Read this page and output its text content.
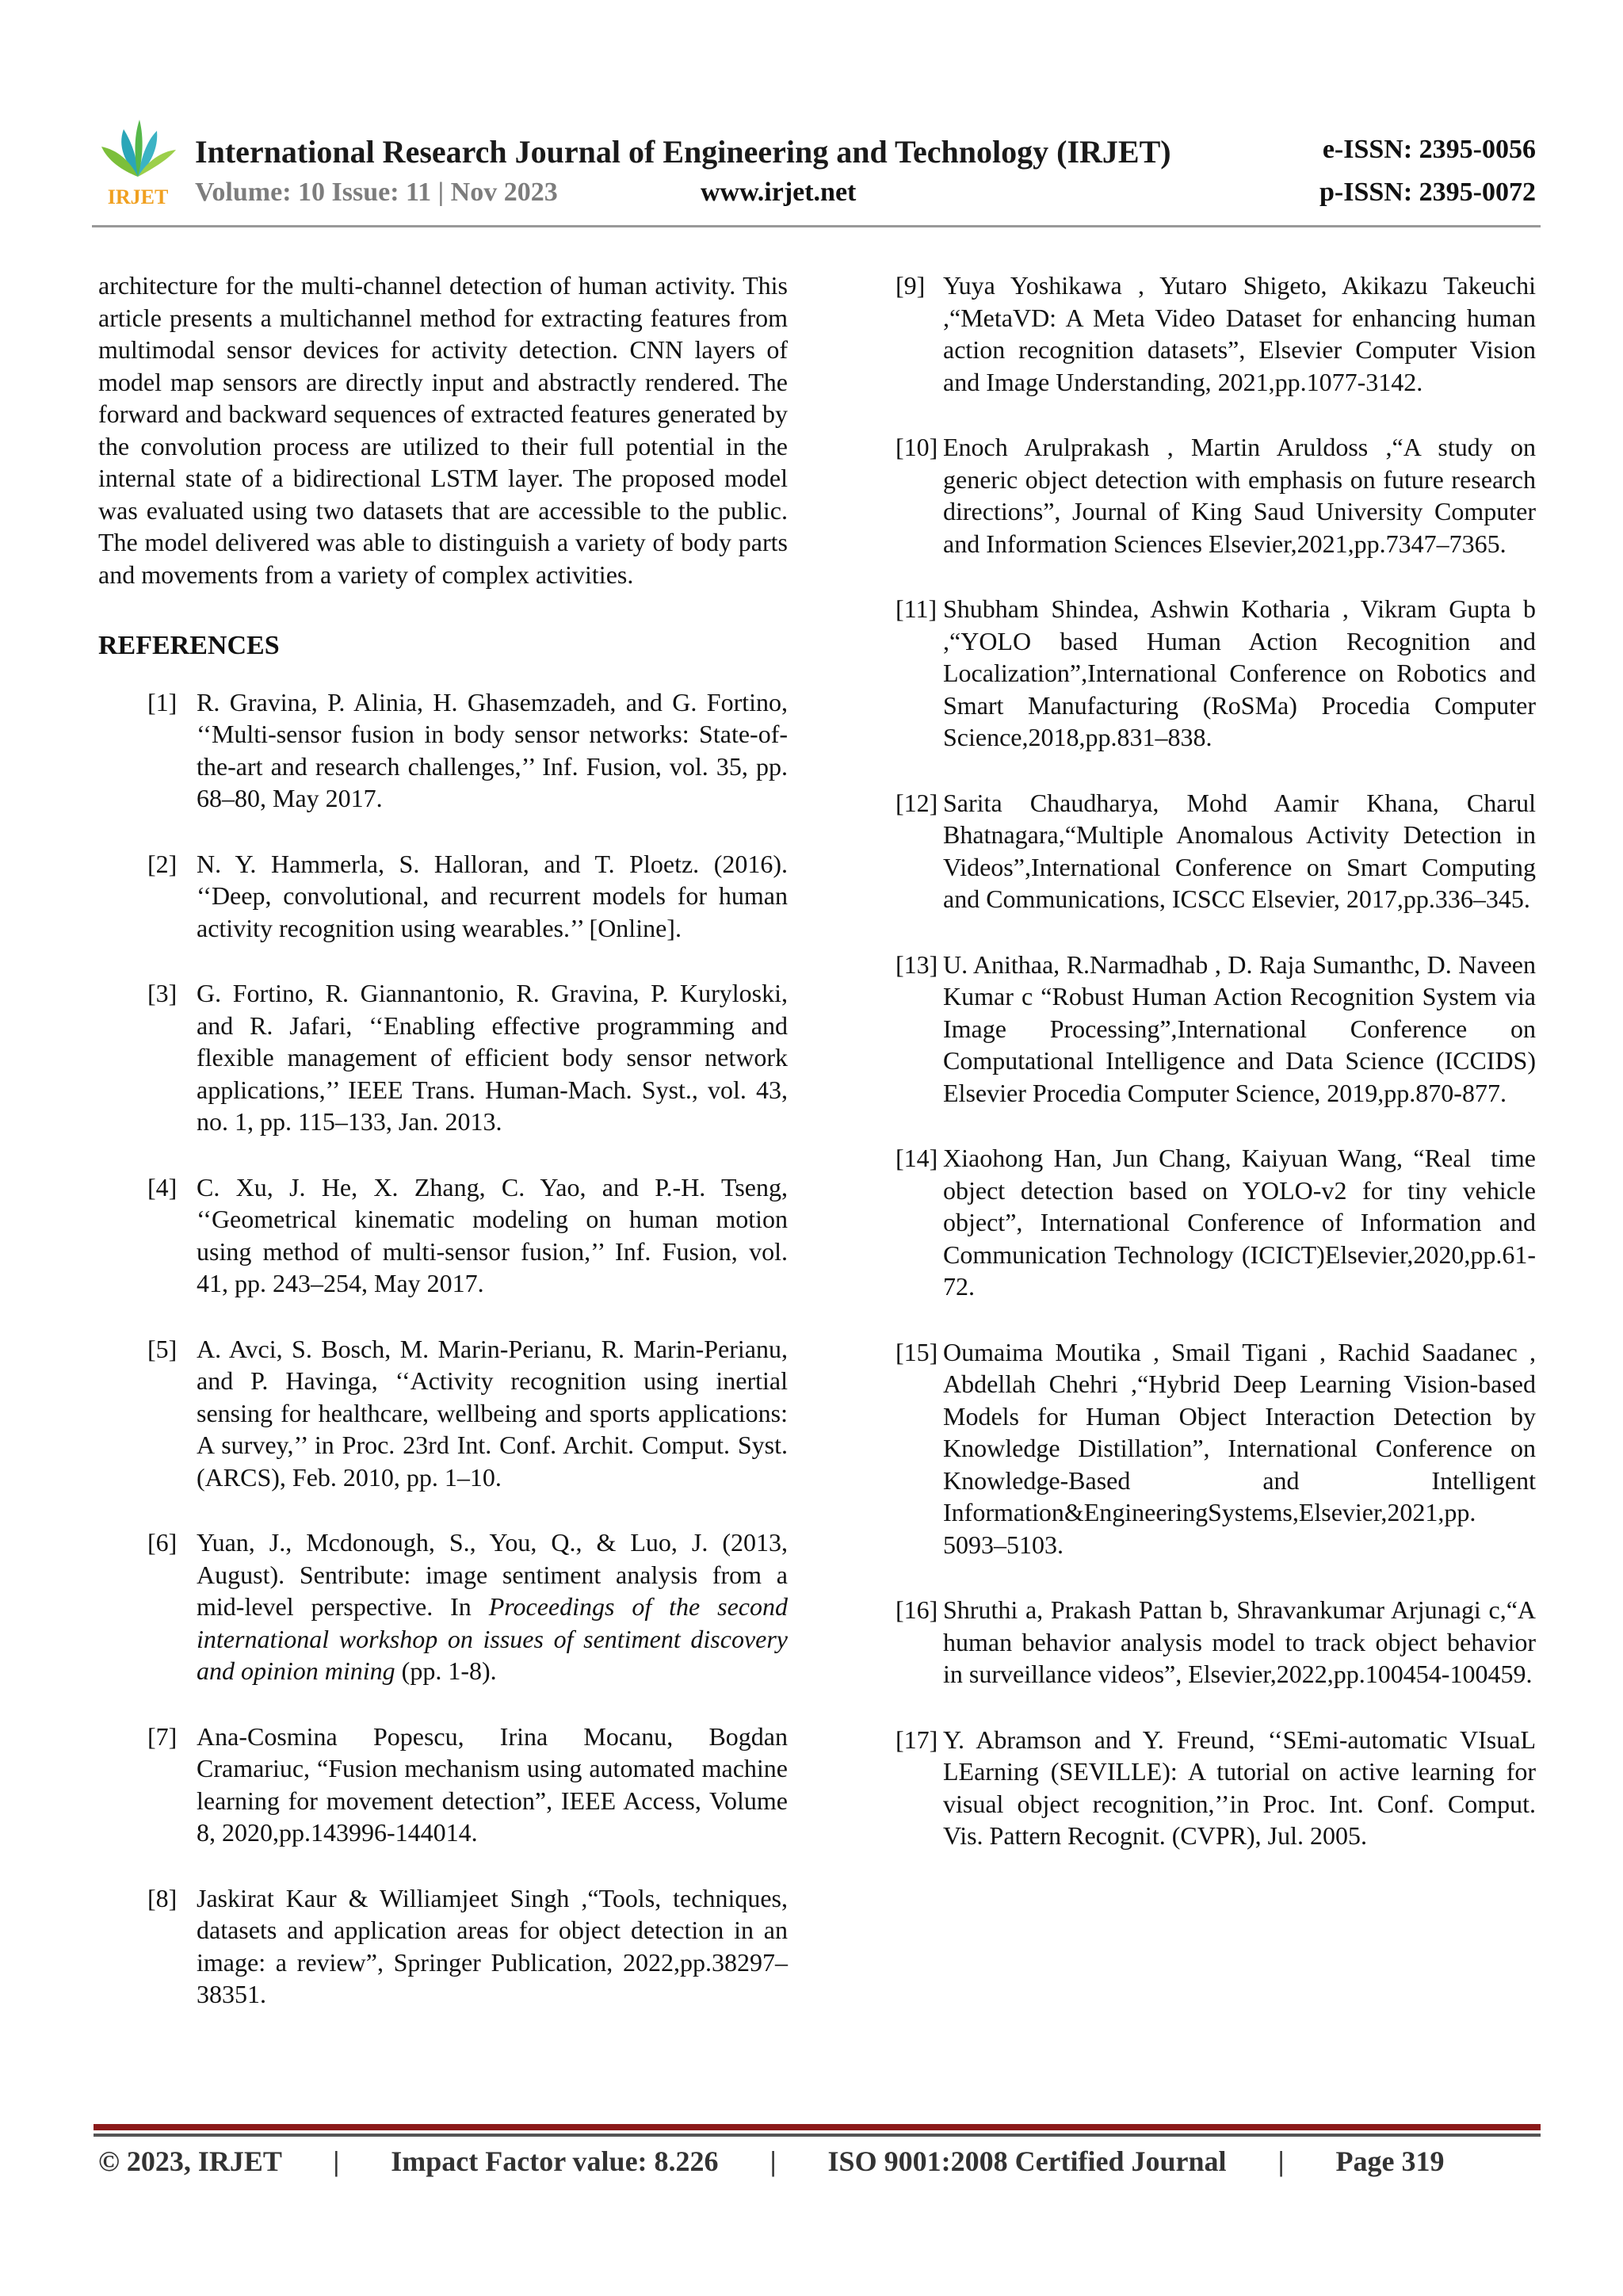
IRJET
International Research Journal of Engineering and Technology (IRJET)	e-ISSN: 2395-0056
Volume: 10 Issue: 11 | Nov 2023	www.irjet.net	p-ISSN: 2395-0072

architecture for the multi-channel detection of human activity. This article presents a multichannel method for extracting features from multimodal sensor devices for activity detection. CNN layers of model map sensors are directly input and abstractly rendered. The forward and backward sequences of extracted features generated by the convolution process are utilized to their full potential in the internal state of a bidirectional LSTM layer. The proposed model was evaluated using two datasets that are accessible to the public. The model delivered was able to distinguish a variety of body parts and movements from a variety of complex activities.

REFERENCES
[1] R. Gravina, P. Alinia, H. Ghasemzadeh, and G. Fortino, ‘‘Multi-sensor fusion in body sensor networks: State-of-the-art and research challenges,’’ Inf. Fusion, vol. 35, pp. 68–80, May 2017.
[2] N. Y. Hammerla, S. Halloran, and T. Ploetz. (2016). ‘‘Deep, convolutional, and recurrent models for human activity recognition using wearables.’’ [Online].
[3] G. Fortino, R. Giannantonio, R. Gravina, P. Kuryloski, and R. Jafari, ‘‘Enabling effective programming and flexible management of efficient body sensor network applications,’’ IEEE Trans. Human-Mach. Syst., vol. 43, no. 1, pp. 115–133, Jan. 2013.
[4] C. Xu, J. He, X. Zhang, C. Yao, and P.-H. Tseng, ‘‘Geometrical kinematic modeling on human motion using method of multi-sensor fusion,’’ Inf. Fusion, vol. 41, pp. 243–254, May 2017.
[5] A. Avci, S. Bosch, M. Marin-Perianu, R. Marin-Perianu, and P. Havinga, ‘‘Activity recognition using inertial sensing for healthcare, wellbeing and sports applications: A survey,’’ in Proc. 23rd Int. Conf. Archit. Comput. Syst. (ARCS), Feb. 2010, pp. 1–10.
[6] Yuan, J., Mcdonough, S., You, Q., & Luo, J. (2013, August). Sentribute: image sentiment analysis from a mid-level perspective. In Proceedings of the second international workshop on issues of sentiment discovery and opinion mining (pp. 1-8).
[7] Ana-Cosmina Popescu, Irina Mocanu, Bogdan Cramariuc, “Fusion mechanism using automated machine learning for movement detection”, IEEE Access, Volume 8, 2020,pp.143996-144014.
[8] Jaskirat Kaur & Williamjeet Singh ,“Tools, techniques, datasets and application areas for object detection in an image: a review”, Springer Publication, 2022,pp.38297–38351.
[9] Yuya Yoshikawa , Yutaro Shigeto, Akikazu Takeuchi ,“MetaVD: A Meta Video Dataset for enhancing human action recognition datasets”, Elsevier Computer Vision and Image Understanding, 2021,pp.1077-3142.
[10] Enoch Arulprakash , Martin Aruldoss ,“A study on generic object detection with emphasis on future research directions”, Journal of King Saud University Computer and Information Sciences Elsevier,2021,pp.7347–7365.
[11] Shubham Shindea, Ashwin Kotharia , Vikram Gupta b ,“YOLO based Human Action Recognition and Localization”,International Conference on Robotics and Smart Manufacturing (RoSMa) Procedia Computer Science,2018,pp.831–838.
[12] Sarita Chaudharya, Mohd Aamir Khana, Charul Bhatnagara,“Multiple Anomalous Activity Detection in Videos”,International Conference on Smart Computing and Communications, ICSCC Elsevier, 2017,pp.336–345.
[13] U. Anithaa, R.Narmadhab , D. Raja Sumanthc, D. Naveen Kumar c “Robust Human Action Recognition System via Image Processing”,International Conference on Computational Intelligence and Data Science (ICCIDS) Elsevier Procedia Computer Science, 2019,pp.870-877.
[14] Xiaohong Han, Jun Chang, Kaiyuan Wang, “Real￾time object detection based on YOLO-v2 for tiny vehicle object”, International Conference of Information and Communication Technology (ICICT)Elsevier,2020,pp.61-72.
[15] Oumaima Moutika , Smail Tigani , Rachid Saadanec , Abdellah Chehri ,“Hybrid Deep Learning Vision-based Models for Human Object Interaction Detection by Knowledge Distillation”, International Conference on Knowledge-Based and Intelligent Information&EngineeringSystems,Elsevier,2021,pp. 5093–5103.
[16] Shruthi a, Prakash Pattan b, Shravankumar Arjunagi c,“A human behavior analysis model to track object behavior in surveillance videos”, Elsevier,2022,pp.100454-100459.
[17] Y. Abramson and Y. Freund, ‘‘SEmi-automatic VIsuaL LEarning (SEVILLE): A tutorial on active learning for visual object recognition,’’in Proc. Int. Conf. Comput. Vis. Pattern Recognit. (CVPR), Jul. 2005.
© 2023, IRJET | Impact Factor value: 8.226 | ISO 9001:2008 Certified Journal | Page 319
